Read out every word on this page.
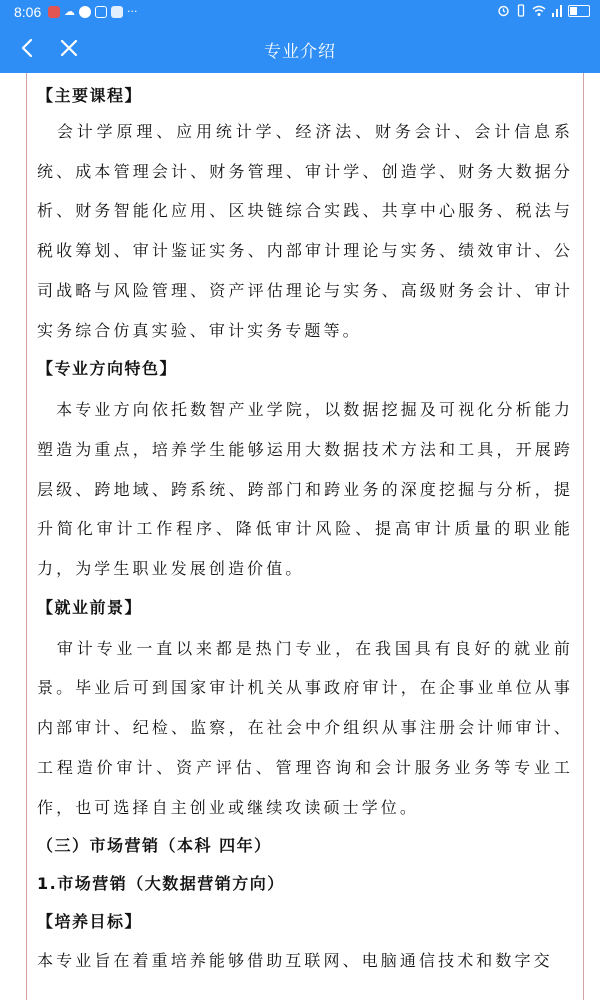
8:06 ☁	···
专业介绍

【主要课程】

　会计学原理、应用统计学、经济法、财务会计、会计信息系统、成本管理会计、财务管理、审计学、创造学、财务大数据分析、财务智能化应用、区块链综合实践、共享中心服务、税法与税收筹划、审计鉴证实务、内部审计理论与实务、绩效审计、公司战略与风险管理、资产评估理论与实务、高级财务会计、审计实务综合仿真实验、审计实务专题等。

【专业方向特色】

　本专业方向依托数智产业学院，以数据挖掘及可视化分析能力塑造为重点，培养学生能够运用大数据技术方法和工具，开展跨层级、跨地域、跨系统、跨部门和跨业务的深度挖掘与分析，提升简化审计工作程序、降低审计风险、提高审计质量的职业能力，为学生职业发展创造价值。

【就业前景】

　审计专业一直以来都是热门专业，在我国具有良好的就业前景。毕业后可到国家审计机关从事政府审计，在企事业单位从事内部审计、纪检、监察，在社会中介组织从事注册会计师审计、工程造价审计、资产评估、管理咨询和会计服务业务等专业工作，也可选择自主创业或继续攻读硕士学位。

（三）市场营销（本科 四年）

1.市场营销（大数据营销方向）

【培养目标】

本专业旨在着重培养能够借助互联网、电脑通信技术和数字交
